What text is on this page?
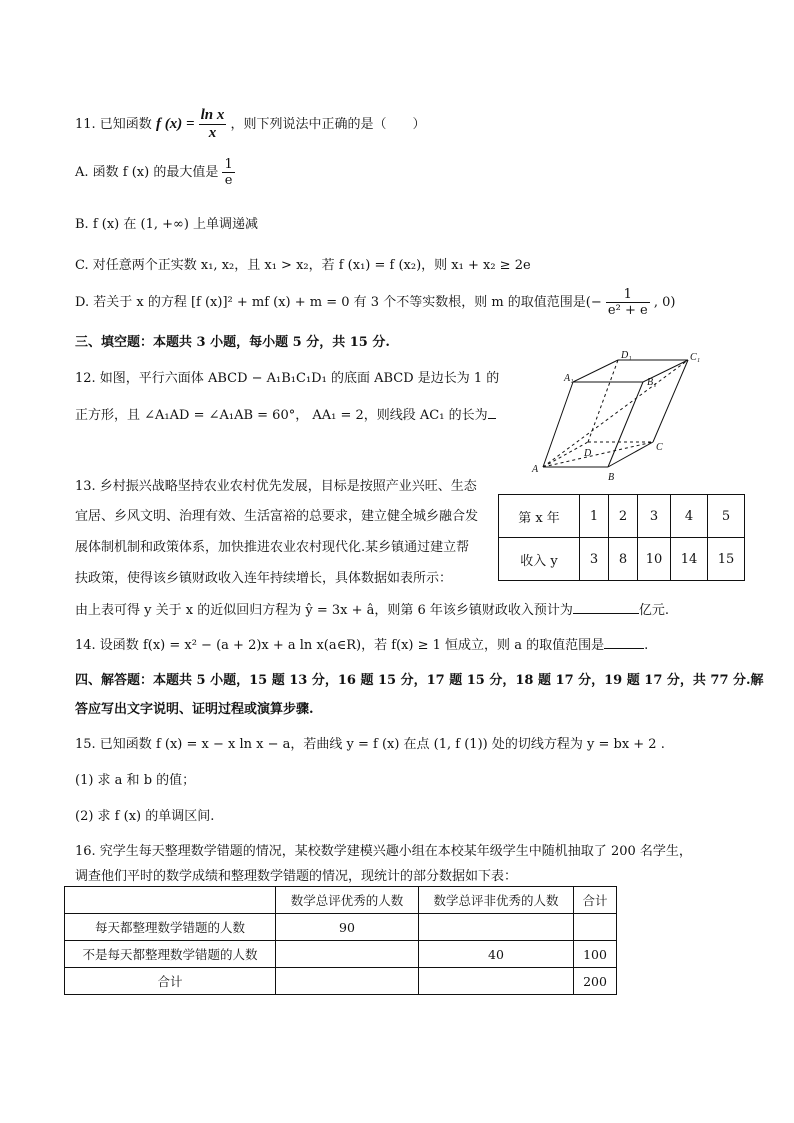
11. 已知函数 f $(x) = \frac{\text{ln x}}{x}$ ，则下列说法中正确的是（　　）
A. 函数 f (x) 的最大值是 $\frac{1}{e}$
B. f (x) 在 (1, +∞) 上单调递减
C. 对任意两个正实数 x₁, x₂，且 x₁ > x₂，若 f (x₁) = f (x₂)，则 x₁ + x₂ ≥ 2e
D. 若关于 x 的方程 [f (x)]² + mf (x) + m = 0 有 3 个不等实数根，则 m 的取值范围是(− $\frac{1}{\text{e² + e}}$ , 0)
三、填空题：本题共 3 小题，每小题 5 分，共 15 分.
12. 如图，平行六面体 ABCD − A₁B₁C₁D₁ 的底面 ABCD 是边长为 1 的
正方形，且 ∠A₁AD = ∠A₁AB = 60°， AA₁ = 2，则线段 AC₁ 的长为
A
B
C
D
A₁	B₁
C₁
D₁
13. 乡村振兴战略坚持农业农村优先发展，目标是按照产业兴旺、生态
宜居、乡风文明、治理有效、生活富裕的总要求，建立健全城乡融合发
展体制机制和政策体系，加快推进农业农村现代化.某乡镇通过建立帮
扶政策，使得该乡镇财政收入连年持续增长，具体数据如表所示：
第 x 年	1	2	3	4	5
收入 y	3	8	10	14	15
由上表可得 y 关于 x 的近似回归方程为 ŷ = 3x + â，则第 6 年该乡镇财政收入预计为	亿元.
14. 设函数 f(x) = x² − (a + 2)x + a ln x(a∈R)，若 f(x) ≥ 1 恒成立，则 a 的取值范围是	.
四、解答题：本题共 5 小题，15 题 13 分，16 题 15 分，17 题 15 分，18 题 17 分，19 题 17 分，共 77 分.解
答应写出文字说明、证明过程或演算步骤.
15. 已知函数 f (x) = x − x ln x − a，若曲线 y = f (x) 在点 (1, f (1)) 处的切线方程为 y = bx + 2 .
(1) 求 a 和 b 的值；
(2) 求 f (x) 的单调区间.
16. 究学生每天整理数学错题的情况，某校数学建模兴趣小组在本校某年级学生中随机抽取了 200 名学生，
调查他们平时的数学成绩和整理数学错题的情况，现统计的部分数据如下表：
	数学总评优秀的人数	数学总评非优秀的人数	合计
每天都整理数学错题的人数	90		
不是每天都整理数学错题的人数		40	100
合计			200
